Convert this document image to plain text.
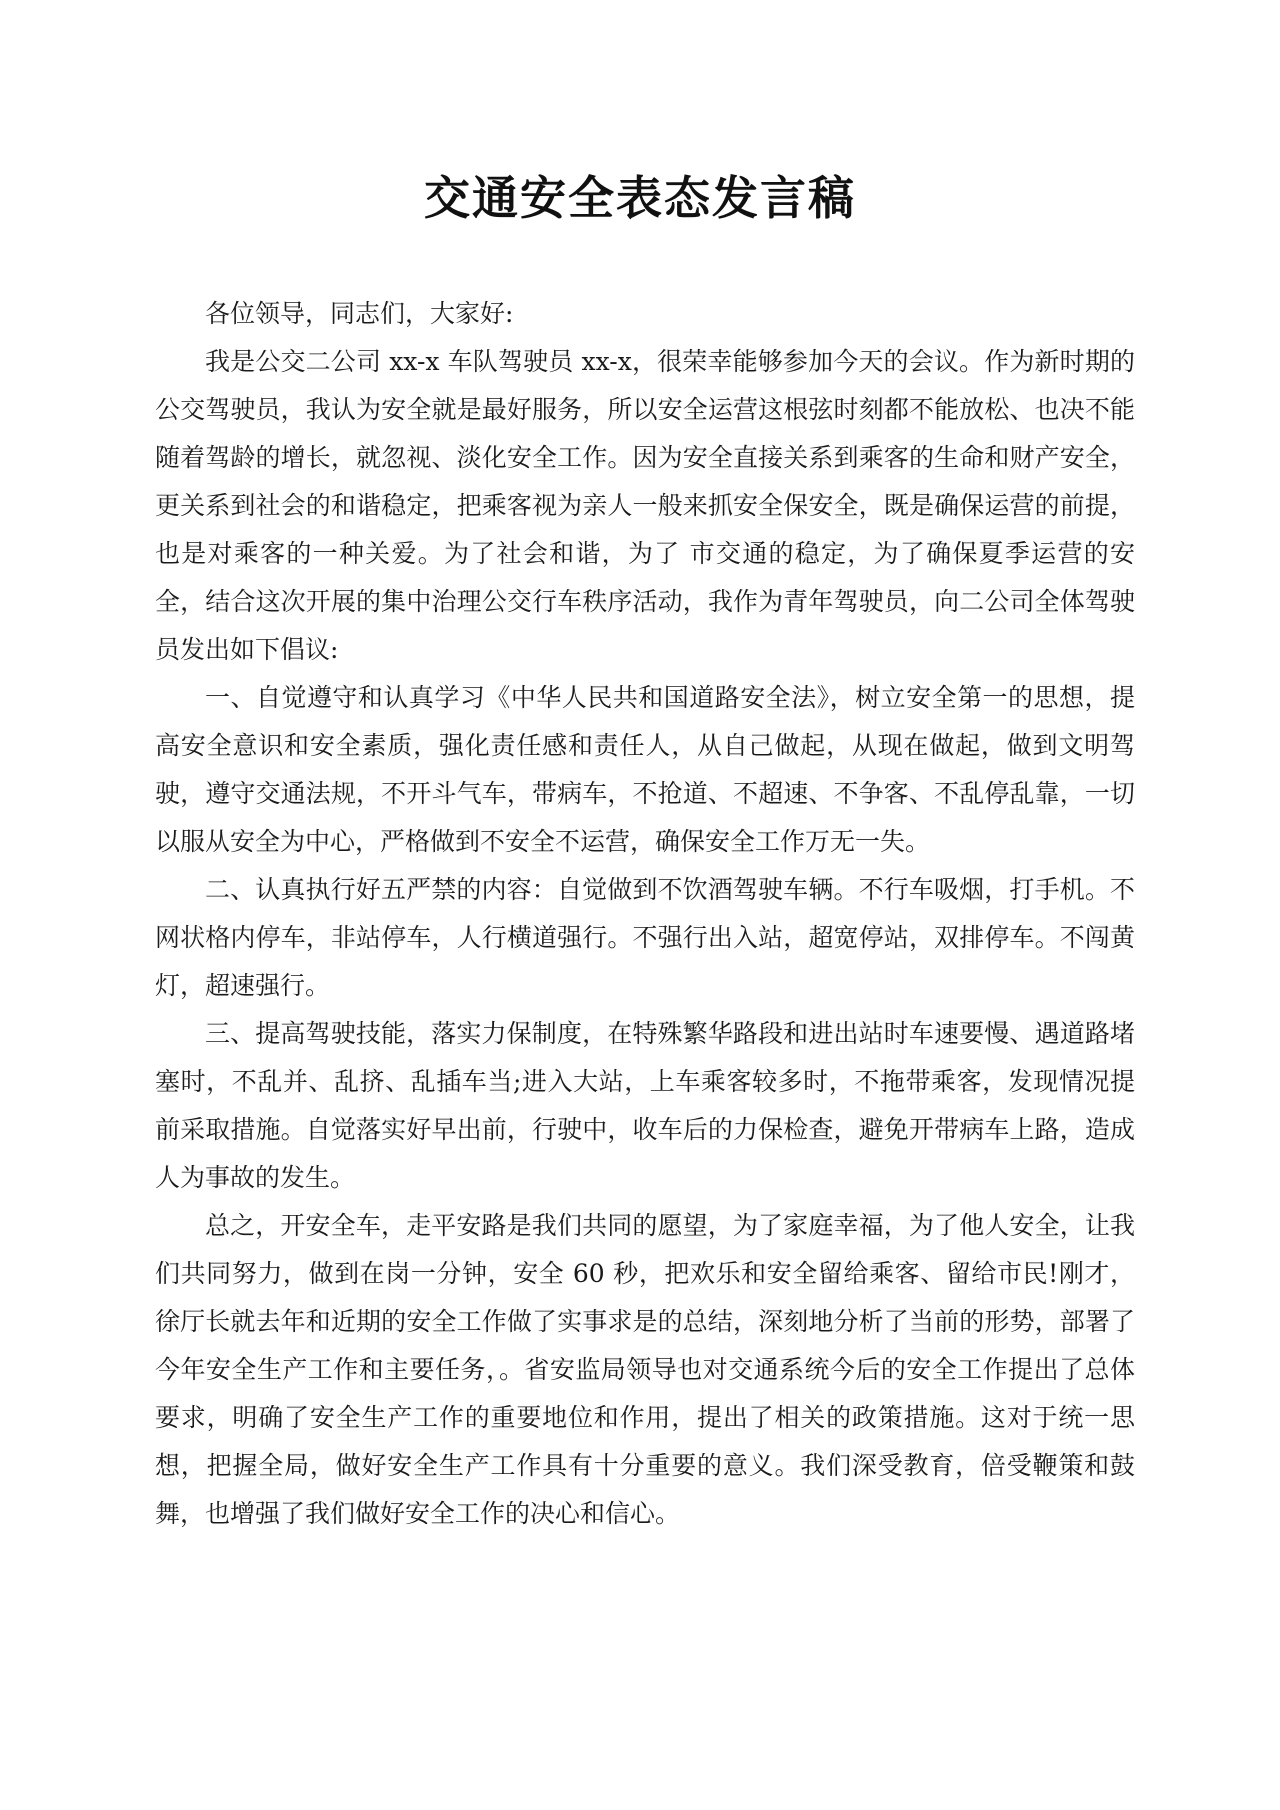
交通安全表态发言稿

各位领导，同志们，大家好:

我是公交二公司 xx-x 车队驾驶员 xx-x，很荣幸能够参加今天的会议。作为新时期的公交驾驶员，我认为安全就是最好服务，所以安全运营这根弦时刻都不能放松、也决不能随着驾龄的增长，就忽视、淡化安全工作。因为安全直接关系到乘客的生命和财产安全，更关系到社会的和谐稳定，把乘客视为亲人一般来抓安全保安全，既是确保运营的前提，也是对乘客的一种关爱。为了社会和谐，为了 市交通的稳定，为了确保夏季运营的安全，结合这次开展的集中治理公交行车秩序活动，我作为青年驾驶员，向二公司全体驾驶员发出如下倡议:

一、自觉遵守和认真学习《中华人民共和国道路安全法》，树立安全第一的思想，提高安全意识和安全素质，强化责任感和责任人，从自己做起，从现在做起，做到文明驾驶，遵守交通法规，不开斗气车，带病车，不抢道、不超速、不争客、不乱停乱靠，一切以服从安全为中心，严格做到不安全不运营，确保安全工作万无一失。

二、认真执行好五严禁的内容：自觉做到不饮酒驾驶车辆。不行车吸烟，打手机。不网状格内停车，非站停车，人行横道强行。不强行出入站，超宽停站，双排停车。不闯黄灯，超速强行。

三、提高驾驶技能，落实力保制度，在特殊繁华路段和进出站时车速要慢、遇道路堵塞时，不乱并、乱挤、乱插车当;进入大站，上车乘客较多时，不拖带乘客，发现情况提前采取措施。自觉落实好早出前，行驶中，收车后的力保检查，避免开带病车上路，造成人为事故的发生。

总之，开安全车，走平安路是我们共同的愿望，为了家庭幸福，为了他人安全，让我们共同努力，做到在岗一分钟，安全 60 秒，把欢乐和安全留给乘客、留给市民!刚才，徐厅长就去年和近期的安全工作做了实事求是的总结，深刻地分析了当前的形势，部署了今年安全生产工作和主要任务，。省安监局领导也对交通系统今后的安全工作提出了总体要求，明确了安全生产工作的重要地位和作用，提出了相关的政策措施。这对于统一思想，把握全局，做好安全生产工作具有十分重要的意义。我们深受教育，倍受鞭策和鼓舞，也增强了我们做好安全工作的决心和信心。
